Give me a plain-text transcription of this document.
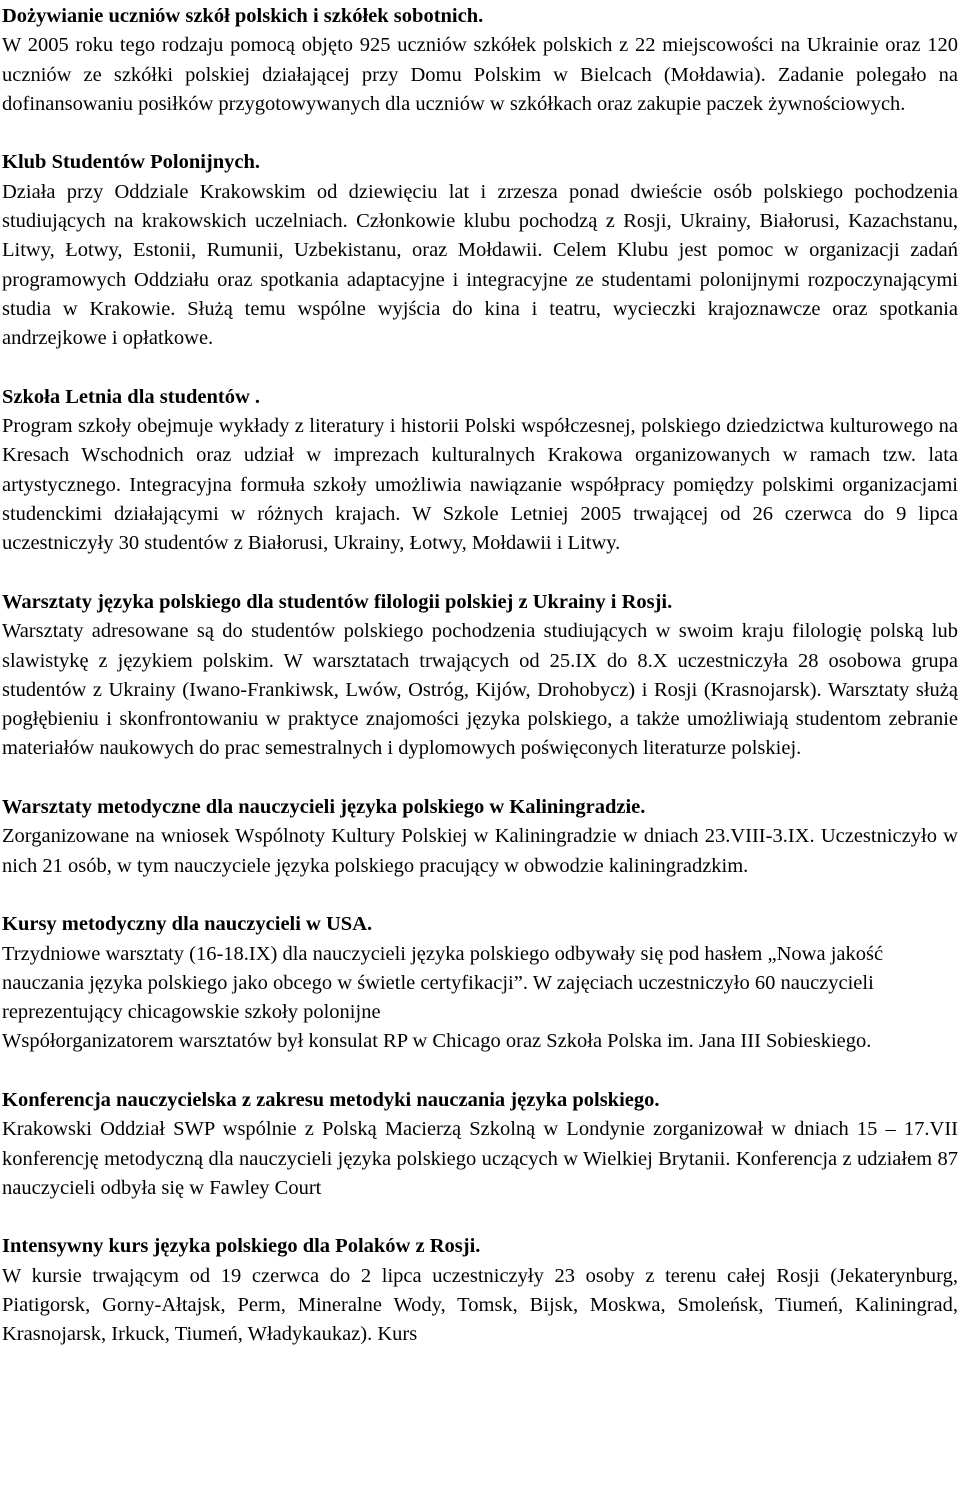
Dożywianie uczniów szkół polskich i szkółek sobotnich.

W 2005 roku tego rodzaju pomocą objęto 925 uczniów szkółek polskich z 22 miejscowości na Ukrainie oraz 120 uczniów ze szkółki polskiej działającej przy Domu Polskim w Bielcach (Mołdawia). Zadanie polegało na dofinansowaniu posiłków przygotowywanych dla uczniów w szkółkach oraz zakupie paczek żywnościowych.

Klub Studentów Polonijnych.

Działa przy Oddziale Krakowskim od dziewięciu lat i zrzesza ponad dwieście osób polskiego pochodzenia studiujących na krakowskich uczelniach. Członkowie klubu pochodzą z Rosji, Ukrainy, Białorusi, Kazachstanu, Litwy, Łotwy, Estonii, Rumunii, Uzbekistanu, oraz Mołdawii. Celem Klubu jest pomoc w organizacji zadań programowych Oddziału oraz spotkania adaptacyjne i integracyjne ze studentami polonijnymi rozpoczynającymi studia w Krakowie. Służą temu wspólne wyjścia do kina i teatru, wycieczki krajoznawcze oraz spotkania andrzejkowe i opłatkowe.

Szkoła Letnia dla studentów .

Program szkoły obejmuje wykłady z literatury i historii Polski współczesnej, polskiego dziedzictwa kulturowego na Kresach Wschodnich oraz udział w imprezach kulturalnych Krakowa organizowanych w ramach tzw. lata artystycznego. Integracyjna formuła szkoły umożliwia nawiązanie współpracy pomiędzy polskimi organizacjami studenckimi działającymi w różnych krajach. W Szkole Letniej 2005 trwającej od 26 czerwca do 9 lipca uczestniczyły 30 studentów z Białorusi, Ukrainy, Łotwy, Mołdawii i Litwy.

Warsztaty języka polskiego dla studentów filologii polskiej z Ukrainy i Rosji.

Warsztaty adresowane są do studentów polskiego pochodzenia studiujących w swoim kraju filologię polską lub slawistykę z językiem polskim. W warsztatach trwających od 25.IX do 8.X uczestniczyła 28 osobowa grupa studentów z Ukrainy (Iwano-Frankiwsk, Lwów, Ostróg, Kijów, Drohobycz) i Rosji (Krasnojarsk). Warsztaty służą pogłębieniu i skonfrontowaniu w praktyce znajomości języka polskiego, a także umożliwiają studentom zebranie materiałów naukowych do prac semestralnych i dyplomowych poświęconych literaturze polskiej.

Warsztaty metodyczne dla nauczycieli języka polskiego w Kaliningradzie.

Zorganizowane na wniosek Wspólnoty Kultury Polskiej w Kaliningradzie w dniach 23.VIII-3.IX. Uczestniczyło w nich 21 osób, w tym nauczyciele języka polskiego pracujący w obwodzie kaliningradzkim.

Kursy metodyczny dla nauczycieli w USA.

Trzydniowe warsztaty (16-18.IX) dla nauczycieli języka polskiego odbywały się pod hasłem „Nowa jakość nauczania języka polskiego jako obcego w świetle certyfikacji”. W zajęciach uczestniczyło 60 nauczycieli reprezentujący chicagowskie szkoły polonijne

Współorganizatorem warsztatów był konsulat RP w Chicago oraz Szkoła Polska im. Jana III Sobieskiego.

Konferencja nauczycielska z zakresu metodyki nauczania języka polskiego.

Krakowski Oddział SWP wspólnie z Polską Macierzą Szkolną w Londynie zorganizował w dniach 15 – 17.VII konferencję metodyczną dla nauczycieli języka polskiego uczących w Wielkiej Brytanii. Konferencja z udziałem 87 nauczycieli odbyła się w Fawley Court

Intensywny kurs języka polskiego dla Polaków z Rosji.

W kursie trwającym od 19 czerwca do 2 lipca uczestniczyły 23 osoby z terenu całej Rosji (Jekaterynburg, Piatigorsk, Gorny-Ałtajsk, Perm, Mineralne Wody, Tomsk, Bijsk, Moskwa, Smoleńsk, Tiumeń, Kaliningrad, Krasnojarsk, Irkuck, Tiumeń, Władykaukaz). Kurs
